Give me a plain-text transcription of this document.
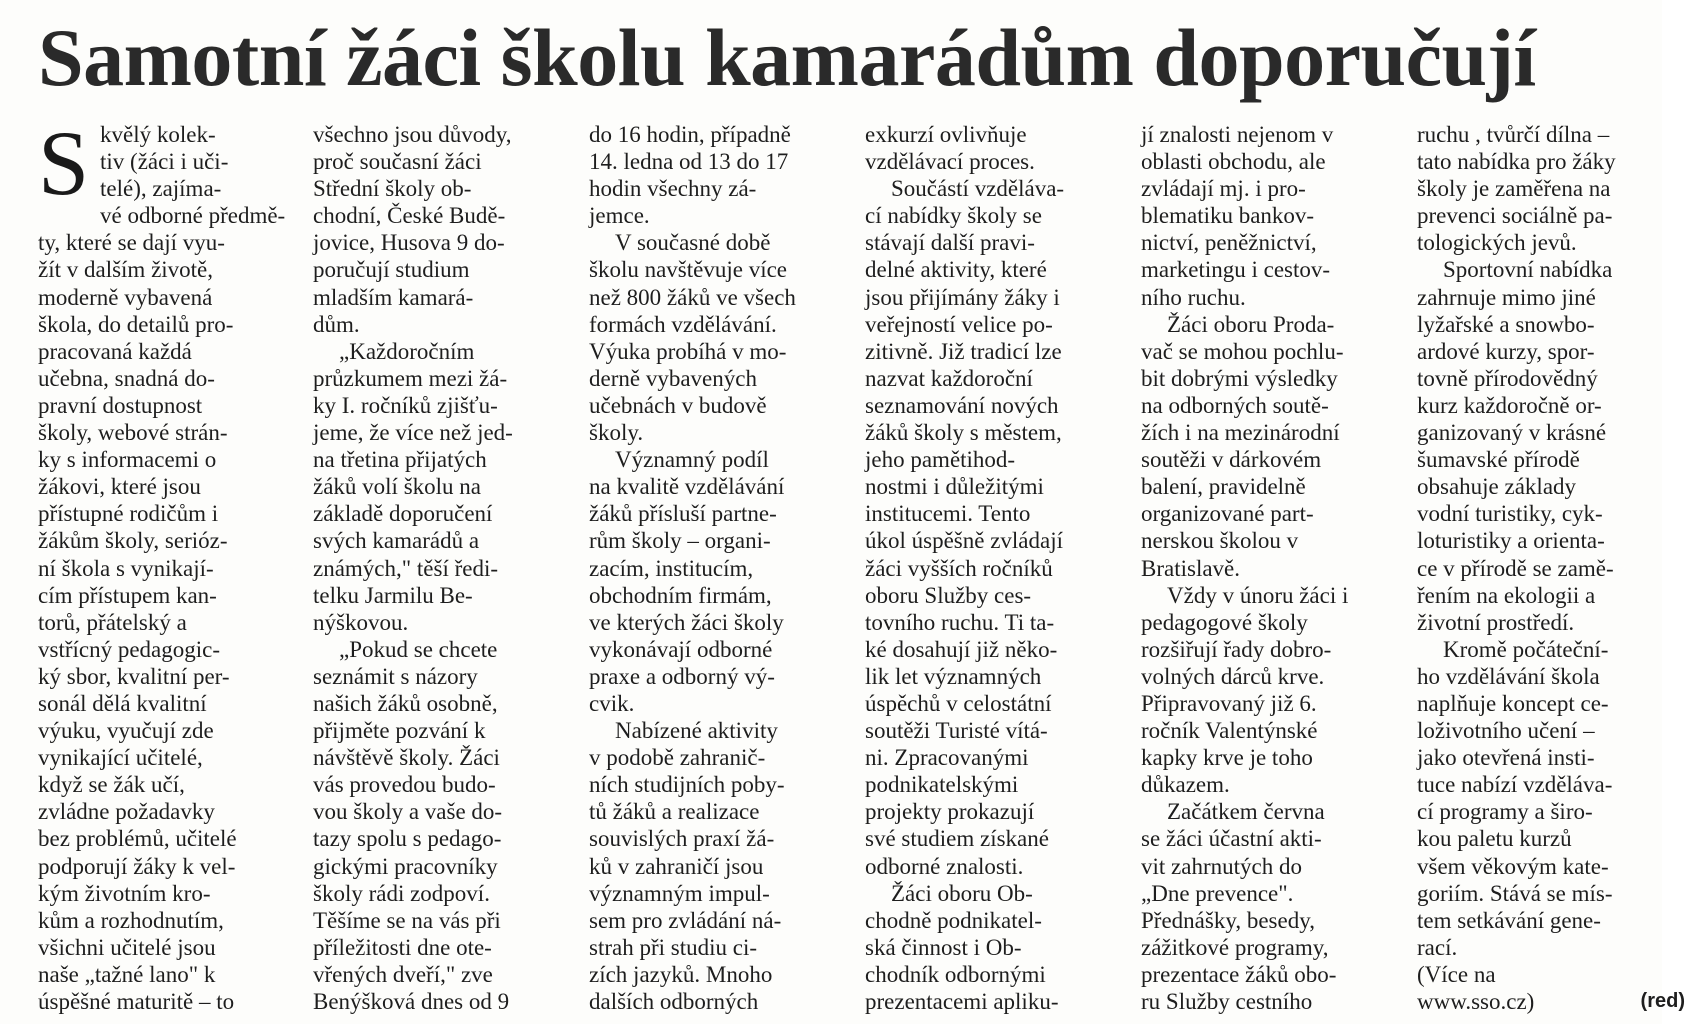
Samotní žáci školu kamarádům doporučují
S kvělý kolek-
tiv (žáci i uči-
telé), zajíma-
vé odborné předmě-
ty, které se dají vyu-
žít v dalším životě,
moderně vybavená
škola, do detailů pro-
pracovaná každá
učebna, snadná do-
pravní dostupnost
školy, webové strán-
ky s informacemi o
žákovi, které jsou
přístupné rodičům i
žákům školy, serióz-
ní škola s vynikají-
cím přístupem kan-
torů, přátelský a
vstřícný pedagogic-
ký sbor, kvalitní per-
sonál dělá kvalitní
výuku, vyučují zde
vynikající učitelé,
když se žák učí,
zvládne požadavky
bez problémů, učitelé
podporují žáky k vel-
kým životním kro-
kům a rozhodnutím,
všichni učitelé jsou
naše „tažné lano" k
úspěšné maturitě – to
všechno jsou důvody,
proč současní žáci
Střední školy ob-
chodní, České Budě-
jovice, Husova 9 do-
poručují studium
mladším kamará-
dům.
„Každoročním
průzkumem mezi žá-
ky I. ročníků zjišťu-
jeme, že více než jed-
na třetina přijatých
žáků volí školu na
základě doporučení
svých kamarádů a
známých," těší ředi-
telku Jarmilu Be-
nýškovou.
„Pokud se chcete
seznámit s názory
našich žáků osobně,
přijměte pozvání k
návštěvě školy. Žáci
vás provedou budo-
vou školy a vaše do-
tazy spolu s pedago-
gickými pracovníky
školy rádi zodpoví.
Těšíme se na vás při
příležitosti dne ote-
vřených dveří," zve
Benýšková dnes od 9
do 16 hodin, případně
14. ledna od 13 do 17
hodin všechny zá-
jemce.
V současné době
školu navštěvuje více
než 800 žáků ve všech
formách vzdělávání.
Výuka probíhá v mo-
derně vybavených
učebnách v budově
školy.
Významný podíl
na kvalitě vzdělávání
žáků přísluší partne-
rům školy – organi-
zacím, institucím,
obchodním firmám,
ve kterých žáci školy
vykonávají odborné
praxe a odborný vý-
cvik.
Nabízené aktivity
v podobě zahranič-
ních studijních poby-
tů žáků a realizace
souvislých praxí žá-
ků v zahraničí jsou
významným impul-
sem pro zvládání ná-
strah při studiu ci-
zích jazyků. Mnoho
dalších odborných
exkurzí ovlivňuje
vzdělávací proces.
Součástí vzděláva-
cí nabídky školy se
stávají další pravi-
delné aktivity, které
jsou přijímány žáky i
veřejností velice po-
zitivně. Již tradicí lze
nazvat každoroční
seznamování nových
žáků školy s městem,
jeho pamětihod-
nostmi i důležitými
institucemi. Tento
úkol úspěšně zvládají
žáci vyšších ročníků
oboru Služby ces-
tovního ruchu. Ti ta-
ké dosahují již něko-
lik let významných
úspěchů v celostátní
soutěži Turisté vítá-
ni. Zpracovanými
podnikatelskými
projekty prokazují
své studiem získané
odborné znalosti.
Žáci oboru Ob-
chodně podnikatel-
ská činnost i Ob-
chodník odbornými
prezentacemi apliku-
jí znalosti nejenom v
oblasti obchodu, ale
zvládají mj. i pro-
blematiku bankov-
nictví, peněžnictví,
marketingu i cestov-
ního ruchu.
Žáci oboru Proda-
vač se mohou pochlu-
bit dobrými výsledky
na odborných soutě-
žích i na mezinárodní
soutěži v dárkovém
balení, pravidelně
organizované part-
nerskou školou v
Bratislavě.
Vždy v únoru žáci i
pedagogové školy
rozšiřují řady dobro-
volných dárců krve.
Připravovaný již 6.
ročník Valentýnské
kapky krve je toho
důkazem.
Začátkem června
se žáci účastní akti-
vit zahrnutých do
„Dne prevence".
Přednášky, besedy,
zážitkové programy,
prezentace žáků obo-
ru Služby cestního
ruchu , tvůrčí dílna –
tato nabídka pro žáky
školy je zaměřena na
prevenci sociálně pa-
tologických jevů.
Sportovní nabídka
zahrnuje mimo jiné
lyžařské a snowbo-
ardové kurzy, spor-
tovně přírodovědný
kurz každoročně or-
ganizovaný v krásné
šumavské přírodě
obsahuje základy
vodní turistiky, cyk-
loturistiky a orienta-
ce v přírodě se zamě-
řením na ekologii a
životní prostředí.
Kromě počáteční-
ho vzdělávání škola
naplňuje koncept ce-
loživotního učení –
jako otevřená insti-
tuce nabízí vzděláva-
cí programy a širo-
kou paletu kurzů
všem věkovým kate-
goriím. Stává se mís-
tem setkávání gene-
rací.
(Více na
www.sso.cz)	(red)
